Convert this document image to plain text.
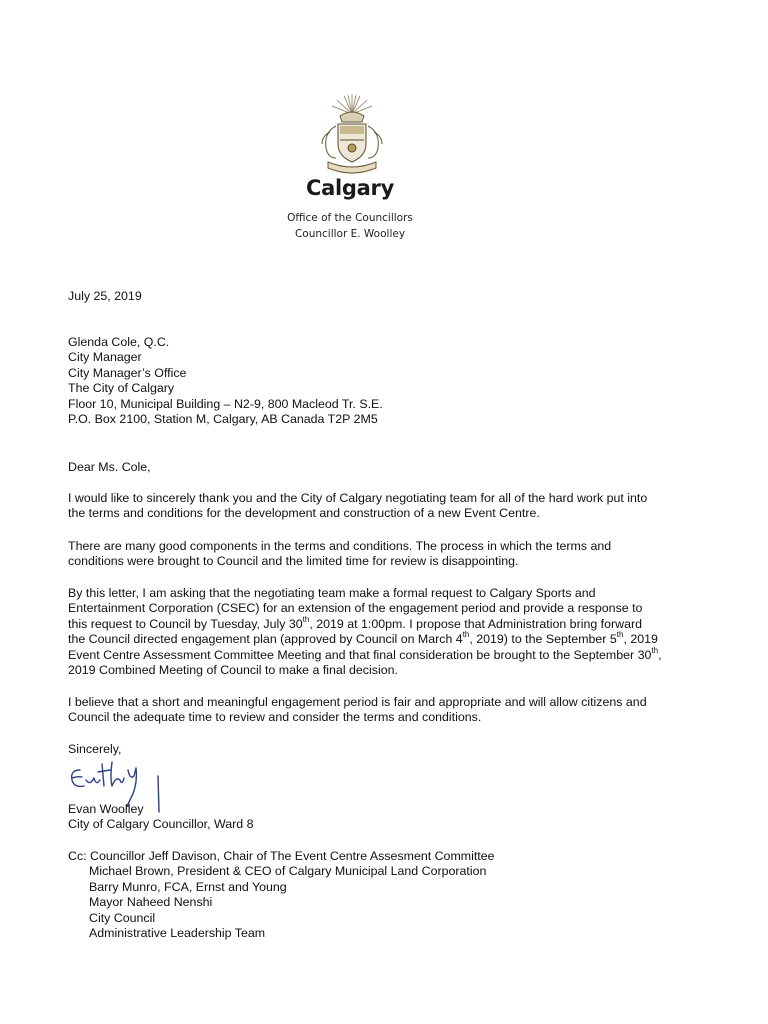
Calgary
Office of the Councillors
Councillor E. Woolley
July 25, 2019
Glenda Cole, Q.C.
City Manager
City Manager’s Office
The City of Calgary
Floor 10, Municipal Building – N2-9, 800 Macleod Tr. S.E.
P.O. Box 2100, Station M, Calgary, AB Canada T2P 2M5
Dear Ms. Cole,
I would like to sincerely thank you and the City of Calgary negotiating team for all of the hard work put into
the terms and conditions for the development and construction of a new Event Centre.
There are many good components in the terms and conditions. The process in which the terms and
conditions were brought to Council and the limited time for review is disappointing.
By this letter, I am asking that the negotiating team make a formal request to Calgary Sports and
Entertainment Corporation (CSEC) for an extension of the engagement period and provide a response to
this request to Council by Tuesday, July 30th, 2019 at 1:00pm. I propose that Administration bring forward
the Council directed engagement plan (approved by Council on March 4th, 2019) to the September 5th, 2019
Event Centre Assessment Committee Meeting and that final consideration be brought to the September 30th,
2019 Combined Meeting of Council to make a final decision.
I believe that a short and meaningful engagement period is fair and appropriate and will allow citizens and
Council the adequate time to review and consider the terms and conditions.
Sincerely,
Evan Woolley
City of Calgary Councillor, Ward 8
Cc: Councillor Jeff Davison, Chair of The Event Centre Assesment Committee
Michael Brown, President & CEO of Calgary Municipal Land Corporation
Barry Munro, FCA, Ernst and Young
Mayor Naheed Nenshi
City Council
Administrative Leadership Team
